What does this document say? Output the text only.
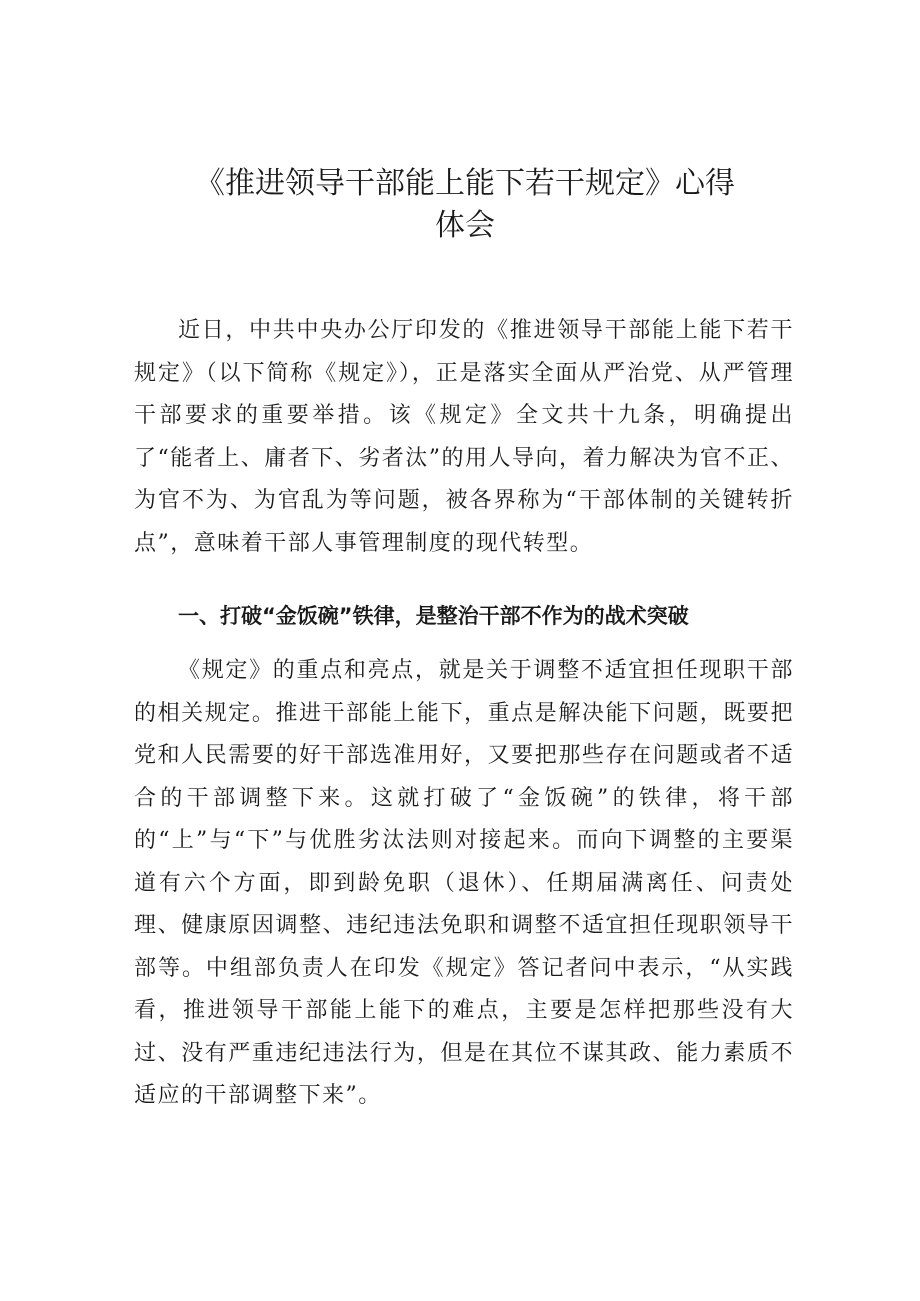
《推进领导干部能上能下若干规定》心得
体会

近日，中共中央办公厅印发的《推进领导干部能上能下若干规定》（以下简称《规定》），正是落实全面从严治党、从严管理干部要求的重要举措。该《规定》全文共十九条，明确提出了“能者上、庸者下、劣者汰”的用人导向，着力解决为官不正、为官不为、为官乱为等问题，被各界称为“干部体制的关键转折点”，意味着干部人事管理制度的现代转型。

一、打破“金饭碗”铁律，是整治干部不作为的战术突破

《规定》的重点和亮点，就是关于调整不适宜担任现职干部的相关规定。推进干部能上能下，重点是解决能下问题，既要把党和人民需要的好干部选准用好，又要把那些存在问题或者不适合的干部调整下来。这就打破了“金饭碗”的铁律，将干部的“上”与“下”与优胜劣汰法则对接起来。而向下调整的主要渠道有六个方面，即到龄免职（退休）、任期届满离任、问责处理、健康原因调整、违纪违法免职和调整不适宜担任现职领导干部等。中组部负责人在印发《规定》答记者问中表示，“从实践看，推进领导干部能上能下的难点，主要是怎样把那些没有大过、没有严重违纪违法行为，但是在其位不谋其政、能力素质不适应的干部调整下来”。
